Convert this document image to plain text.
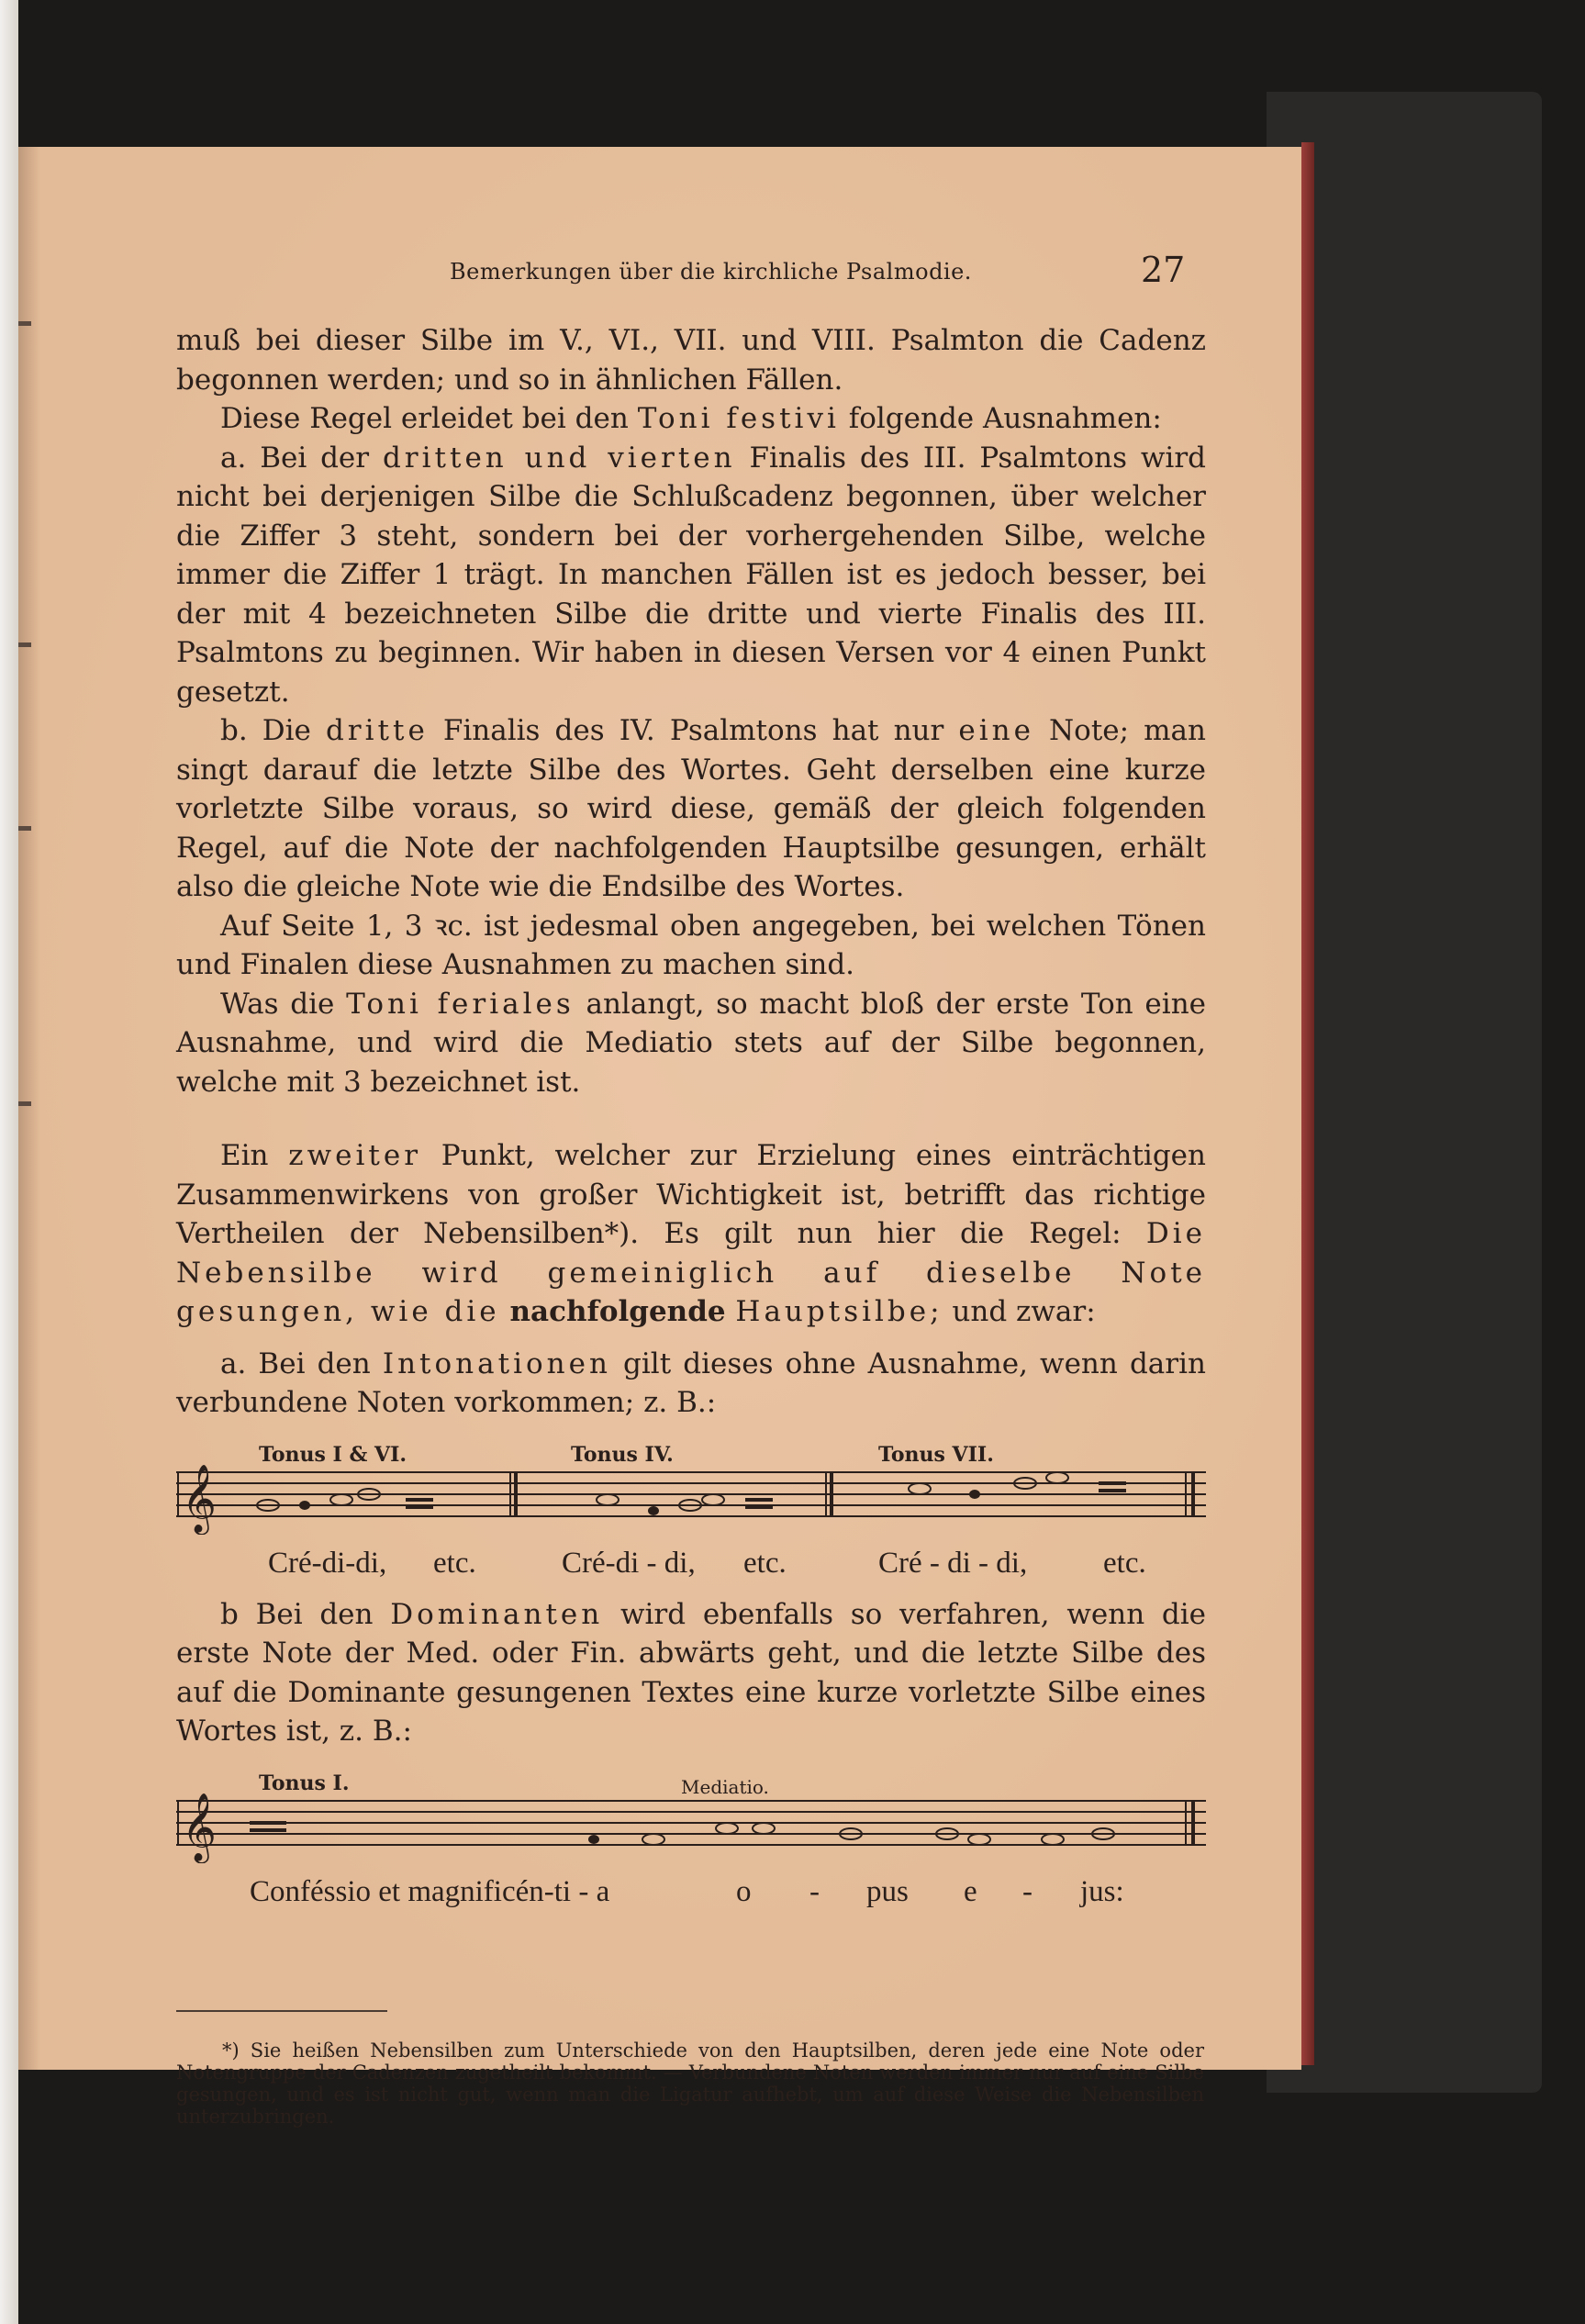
Bemerkungen über die kirchliche Psalmodie.	27

muß bei dieser Silbe im V., VI., VII. und VIII. Psalmton die Cadenz begonnen werden; und so in ähnlichen Fällen.

Diese Regel erleidet bei den Toni festivi folgende Ausnahmen:

a. Bei der dritten und vierten Finalis des III. Psalmtons wird nicht bei derjenigen Silbe die Schlußcadenz begonnen, über welcher die Ziffer 3 steht, sondern bei der vorhergehenden Silbe, welche immer die Ziffer 1 trägt. In manchen Fällen ist es jedoch besser, bei der mit 4 bezeichneten Silbe die dritte und vierte Finalis des III. Psalmtons zu beginnen. Wir haben in diesen Versen vor 4 einen Punkt gesetzt.

b. Die dritte Finalis des IV. Psalmtons hat nur eine Note; man singt darauf die letzte Silbe des Wortes. Geht derselben eine kurze vorletzte Silbe voraus, so wird diese, gemäß der gleich folgenden Regel, auf die Note der nachfolgenden Hauptsilbe gesungen, erhält also die gleiche Note wie die Endsilbe des Wortes.

Auf Seite 1, 3 ꝛc. ist jedesmal oben angegeben, bei welchen Tönen und Finalen diese Ausnahmen zu machen sind.

Was die Toni feriales anlangt, so macht bloß der erste Ton eine Ausnahme, und wird die Mediatio stets auf der Silbe begonnen, welche mit 3 bezeichnet ist.

Ein zweiter Punkt, welcher zur Erzielung eines einträchtigen Zusammenwirkens von großer Wichtigkeit ist, betrifft das richtige Vertheilen der Nebensilben*). Es gilt nun hier die Regel: Die Nebensilbe wird gemeiniglich auf dieselbe Note gesungen, wie die nachfolgende Hauptsilbe; und zwar:

a. Bei den Intonationen gilt dieses ohne Ausnahme, wenn darin verbundene Noten vorkommen; z. B.:

Tonus I & VI.	Tonus IV.	Tonus VII.
𝄞
Cré-di-di, etc.	Cré-di - di, etc.	Cré - di - di,	etc.

b Bei den Dominanten wird ebenfalls so verfahren, wenn die erste Note der Med. oder Fin. abwärts geht, und die letzte Silbe des auf die Dominante gesungenen Textes eine kurze vorletzte Silbe eines Wortes ist, z. B.:

Tonus I.	Mediatio.
𝄞
Conféssio et magnificén-ti - a	o - pus e - jus:

*) Sie heißen Nebensilben zum Unterschiede von den Hauptsilben, deren jede eine Note oder Notengruppe der Cadenzen zugetheilt bekommt. — Verbundene Noten werden immer nur auf eine Silbe gesungen, und es ist nicht gut, wenn man die Ligatur aufhebt, um auf diese Weise die Nebensilben unterzubringen.
